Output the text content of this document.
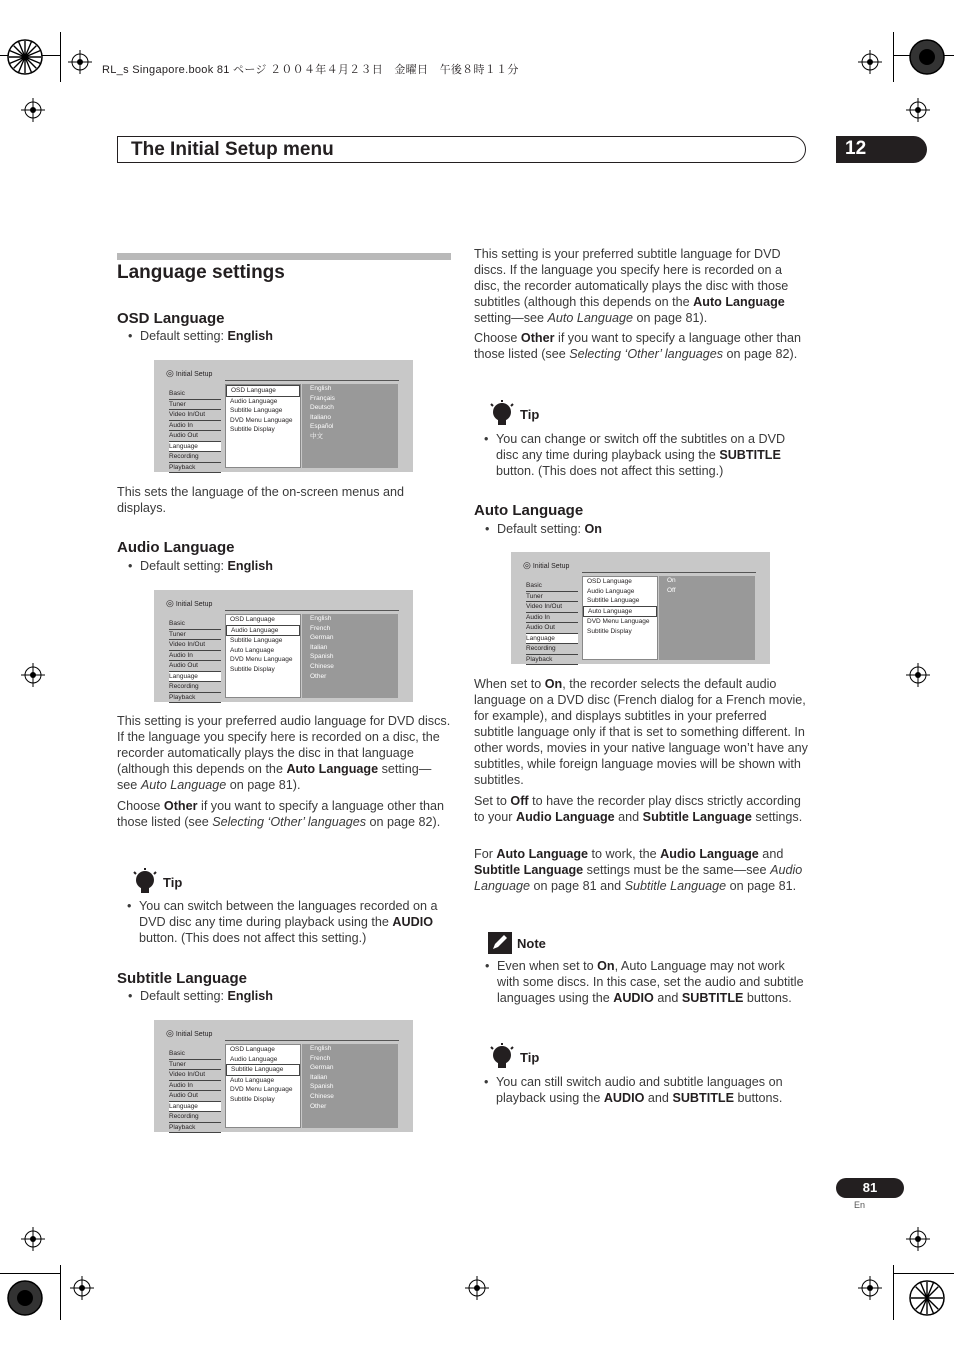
RL_s Singapore.book 81 ページ ２００４年４月２３日　金曜日　午後８時１１分
The Initial Setup menu	12
Language settings
OSD Language
• Default setting: English
◎ Initial Setup
Basic
Tuner
Video In/Out
Audio In
Audio Out
Language
Recording
Playback
OSD Language
Audio Language
Subtitle Language
DVD Menu Language
Subtitle Display
English
Français
Deutsch
Italiano
Español
中文
This sets the language of the on-screen menus and displays.
Audio Language
• Default setting: English
◎ Initial Setup
Basic
Tuner
Video In/Out
Audio In
Audio Out
Language
Recording
Playback
OSD Language
Audio Language
Subtitle Language
Auto Language
DVD Menu Language
Subtitle Display
English
French
German
Italian
Spanish
Chinese
Other
This setting is your preferred audio language for DVD discs. If the language you specify here is recorded on a disc, the recorder automatically plays the disc in that language (although this depends on the Auto Language setting—see Auto Language on page 81).
Choose Other if you want to specify a language other than those listed (see Selecting ‘Other’ languages on page 82).
Tip
• You can switch between the languages recorded on a DVD disc any time during playback using the AUDIO button. (This does not affect this setting.)
Subtitle Language
• Default setting: English
◎ Initial Setup
Basic
Tuner
Video In/Out
Audio In
Audio Out
Language
Recording
Playback
OSD Language
Audio Language
Subtitle Language
Auto Language
DVD Menu Language
Subtitle Display
English
French
German
Italian
Spanish
Chinese
Other
This setting is your preferred subtitle language for DVD discs. If the language you specify here is recorded on a disc, the recorder automatically plays the disc with those subtitles (although this depends on the Auto Language setting—see Auto Language on page 81).
Choose Other if you want to specify a language other than those listed (see Selecting ‘Other’ languages on page 82).
Tip
• You can change or switch off the subtitles on a DVD disc any time during playback using the SUBTITLE button. (This does not affect this setting.)
Auto Language
• Default setting: On
◎ Initial Setup
Basic
Tuner
Video In/Out
Audio In
Audio Out
Language
Recording
Playback
OSD Language
Audio Language
Subtitle Language
Auto Language
DVD Menu Language
Subtitle Display
On
Off
When set to On, the recorder selects the default audio language on a DVD disc (French dialog for a French movie, for example), and displays subtitles in your preferred subtitle language only if that is set to something different. In other words, movies in your native language won’t have any subtitles, while foreign language movies will be shown with subtitles.
Set to Off to have the recorder play discs strictly according to your Audio Language and Subtitle Language settings.
For Auto Language to work, the Audio Language and Subtitle Language settings must be the same—see Audio Language on page 81 and Subtitle Language on page 81.
Note
• Even when set to On, Auto Language may not work with some discs. In this case, set the audio and subtitle languages using the AUDIO and SUBTITLE buttons.
Tip
• You can still switch audio and subtitle languages on playback using the AUDIO and SUBTITLE buttons.
81
En
